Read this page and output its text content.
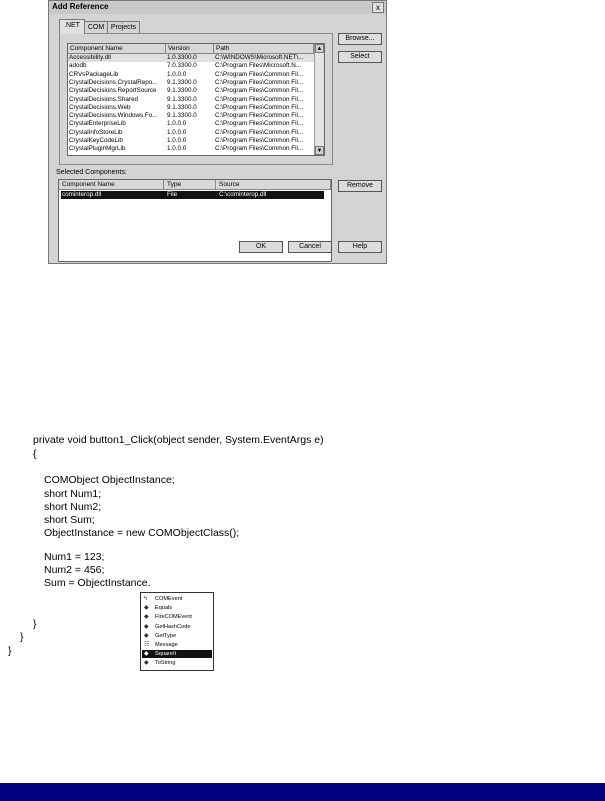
Add Reference	x
.NET	COM Projects
Component Name	Version	Path
Accessibility.dll	1.0.3300.0	C:\WINDOWS\Microsoft.NET\...
adodb	7.0.3300.0	C:\Program Files\Microsoft.N...
CRVsPackageLib	1.0.0.0	C:\Program Files\Common Fil...
CrystalDecisions.CrystalRepo...	9.1.3300.0	C:\Program Files\Common Fil...
CrystalDecisions.ReportSource	9.1.3300.0	C:\Program Files\Common Fil...
CrystalDecisions.Shared	9.1.3300.0	C:\Program Files\Common Fil...
CrystalDecisions.Web	9.1.3300.0	C:\Program Files\Common Fil...
CrystalDecisions.Windows.Fo...	9.1.3300.0	C:\Program Files\Common Fil...
CrystalEnterpriseLib	1.0.0.0	C:\Program Files\Common Fil...
CrystalInfoStoreLib	1.0.0.0	C:\Program Files\Common Fil...
CrystalKeyCodeLib	1.0.0.0	C:\Program Files\Common Fil...
CrystalPluginMgrLib	1.0.0.0	C:\Program Files\Common Fil...
▲
▼
Browse...
Select
Selected Components:
Component Name	Type	Source
cominterop.dll	File	C:\cominterop.dll
Remove
OK	Cancel	Help
private void button1_Click(object sender, System.EventArgs e)
{
COMObject ObjectInstance;
short Num1;
short Num2;
short Sum;
ObjectInstance = new COMObjectClass();
Num1 = 123;
Num2 = 456;
Sum = ObjectInstance.
}
}
}
ϟ	COMEvent
◆	Equals
◆	FireCOMEvent
◆	GetHashCode
◆	GetType
☷	Message
◆	SquareIt
◆	ToString
